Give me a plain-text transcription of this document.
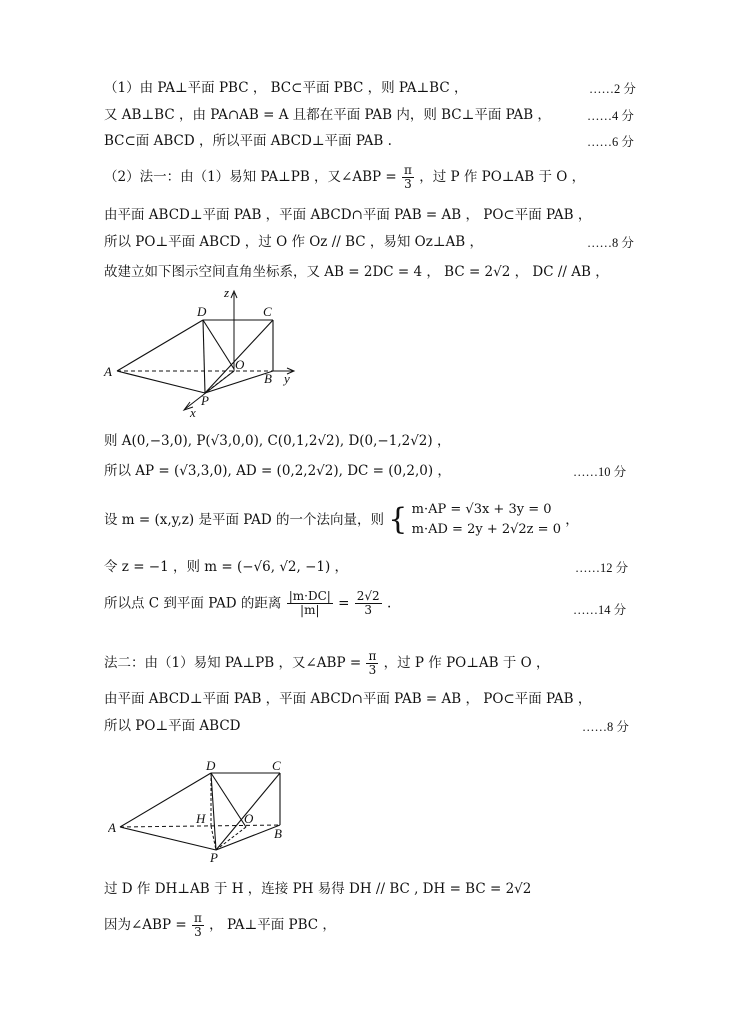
（1）由 PA⊥平面 PBC ， BC⊂平面 PBC ，则 PA⊥BC ，	……2 分
又 AB⊥BC ，由 PA∩AB = A 且都在平面 PAB 内，则 BC⊥平面 PAB ，	……4 分
BC⊂面 ABCD ，所以平面 ABCD⊥平面 PAB .	……6 分
（2）法一：由（1）易知 PA⊥PB ，又∠ABP = $\frac{\pi}{3}$ ，过 P 作 PO⊥AB 于 O ，
由平面 ABCD⊥平面 PAB ，平面 ABCD∩平面 PAB = AB ， PO⊂平面 PAB ，
所以 PO⊥平面 ABCD ，过 O 作 Oz // BC ，易知 Oz⊥AB ，	……8 分
故建立如下图示空间直角坐标系，又 AB = 2DC = 4 ， BC = 2√2 ， DC // AB ，
A
D	C
O
B
P
z
y
x
则 A(0,−3,0), P(√3,0,0), C(0,1,2√2), D(0,−1,2√2) ，
所以 AP = (√3,3,0), AD = (0,2,2√2), DC = (0,2,0) ，	……10 分
设 m = (x,y,z) 是平面 PAD 的一个法向量，则 { m·AP = √3x + 3y = 0
m·AD = 2y + 2√2z = 0
，
令 z = −1 ，则 m = (−√6, √2, −1) ，	……12 分
所以点 C 到平面 PAD 的距离 $\frac{|m\cdot DC|}{|m|} = \frac{2√2}{3}$ .	……14 分
法二：由（1）易知 PA⊥PB ，又∠ABP = $\frac{\pi}{3}$ ，过 P 作 PO⊥AB 于 O ，
由平面 ABCD⊥平面 PAB ，平面 ABCD∩平面 PAB = AB ， PO⊂平面 PAB ，
所以 PO⊥平面 ABCD	……8 分
A
D	C
H	O
B
P
过 D 作 DH⊥AB 于 H ，连接 PH 易得 DH // BC , DH = BC = 2√2
因为∠ABP = $\frac{\pi}{3}$ ， PA⊥平面 PBC ，
